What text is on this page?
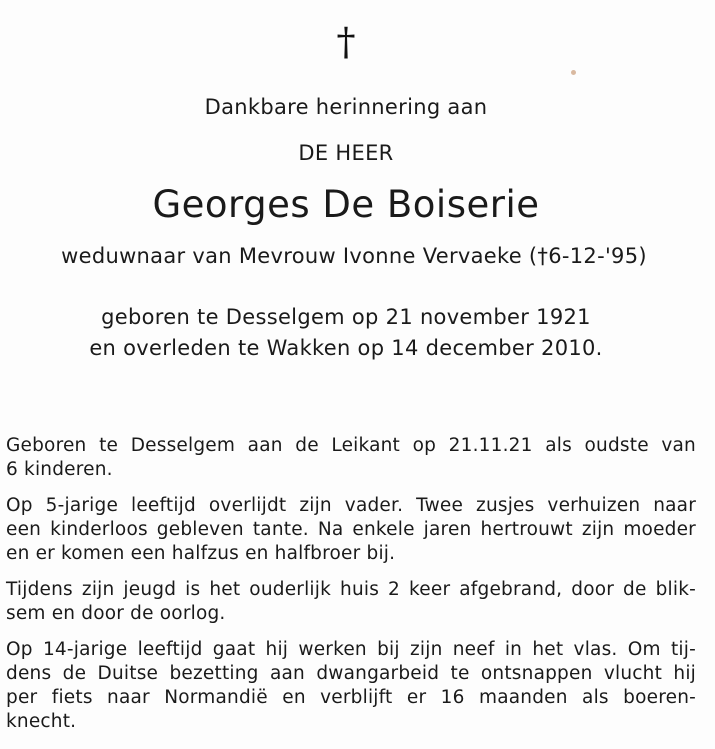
†
Dankbare herinnering aan
DE HEER
Georges De Boiserie
weduwnaar van Mevrouw Ivonne Vervaeke (†6-12-'95)
geboren te Desselgem op 21 november 1921
en overleden te Wakken op 14 december 2010.
Geboren te Desselgem aan de Leikant op 21.11.21 als oudste van
6 kinderen.
Op 5-jarige leeftijd overlijdt zijn vader. Twee zusjes verhuizen naar
een kinderloos gebleven tante. Na enkele jaren hertrouwt zijn moeder
en er komen een halfzus en halfbroer bij.
Tijdens zijn jeugd is het ouderlijk huis 2 keer afgebrand, door de blik-
sem en door de oorlog.
Op 14-jarige leeftijd gaat hij werken bij zijn neef in het vlas. Om tij-
dens de Duitse bezetting aan dwangarbeid te ontsnappen vlucht hij
per fiets naar Normandië en verblijft er 16 maanden als boeren-
knecht.
